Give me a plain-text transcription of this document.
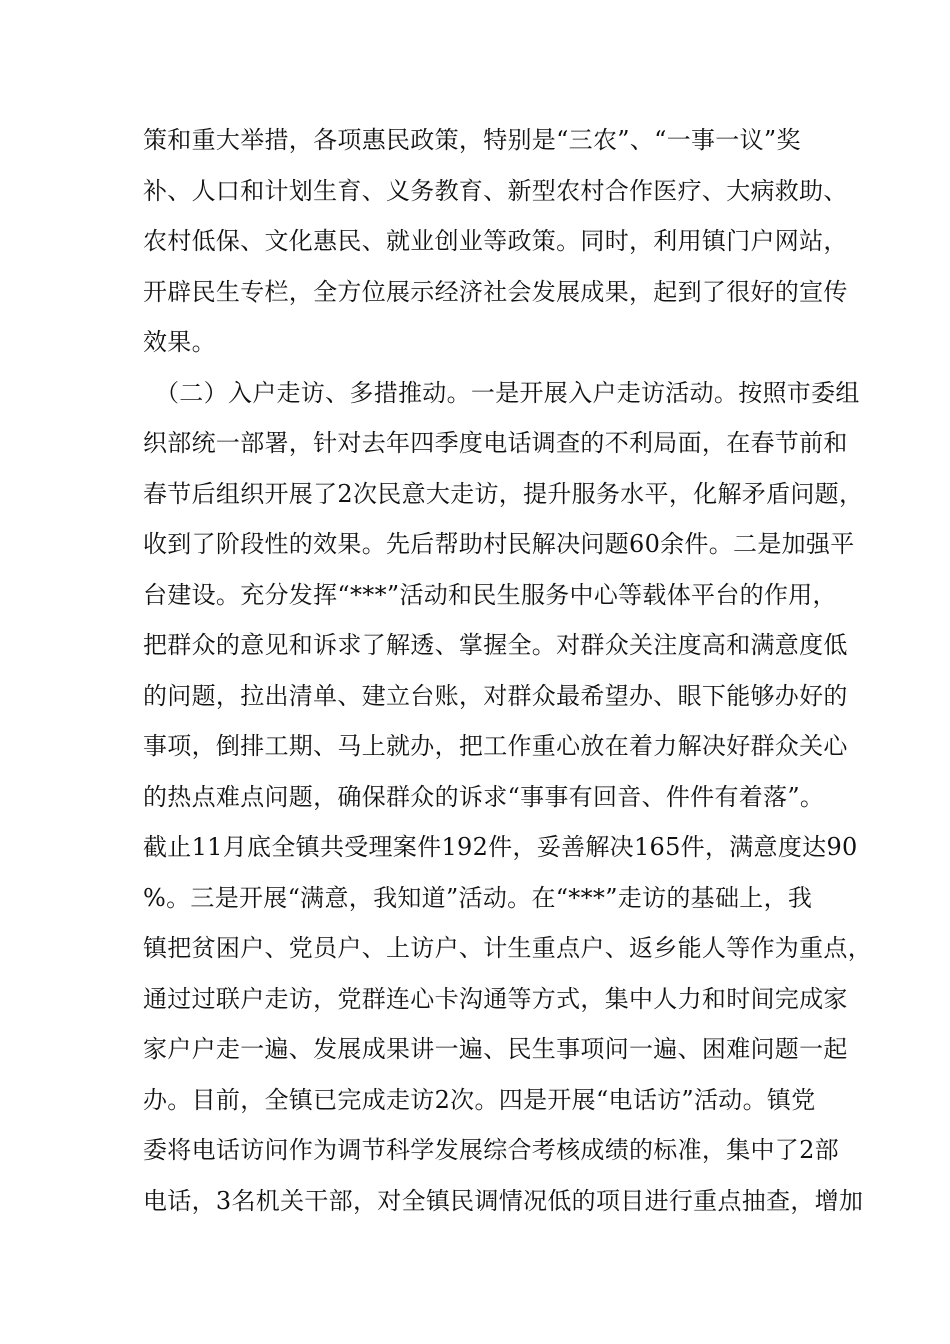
策和重大举措，各项惠民政策，特别是“三农”、“一事一议”奖
补、人口和计划生育、义务教育、新型农村合作医疗、大病救助、
农村低保、文化惠民、就业创业等政策。同时，利用镇门户网站，
开辟民生专栏，全方位展示经济社会发展成果，起到了很好的宣传
效果。
（二）入户走访、多措推动。一是开展入户走访活动。按照市委组
织部统一部署，针对去年四季度电话调查的不利局面，在春节前和
春节后组织开展了2次民意大走访，提升服务水平，化解矛盾问题，
收到了阶段性的效果。先后帮助村民解决问题60余件。二是加强平
台建设。充分发挥“***”活动和民生服务中心等载体平台的作用，
把群众的意见和诉求了解透、掌握全。对群众关注度高和满意度低
的问题，拉出清单、建立台账，对群众最希望办、眼下能够办好的
事项，倒排工期、马上就办，把工作重心放在着力解决好群众关心
的热点难点问题，确保群众的诉求“事事有回音、件件有着落”。
截止11月底全镇共受理案件192件，妥善解决165件，满意度达90
%。三是开展“满意，我知道”活动。在“***”走访的基础上，我
镇把贫困户、党员户、上访户、计生重点户、返乡能人等作为重点，
通过过联户走访，党群连心卡沟通等方式，集中人力和时间完成家
家户户走一遍、发展成果讲一遍、民生事项问一遍、困难问题一起
办。目前，全镇已完成走访2次。四是开展“电话访”活动。镇党
委将电话访问作为调节科学发展综合考核成绩的标准，集中了2部
电话，3名机关干部，对全镇民调情况低的项目进行重点抽查，增加
